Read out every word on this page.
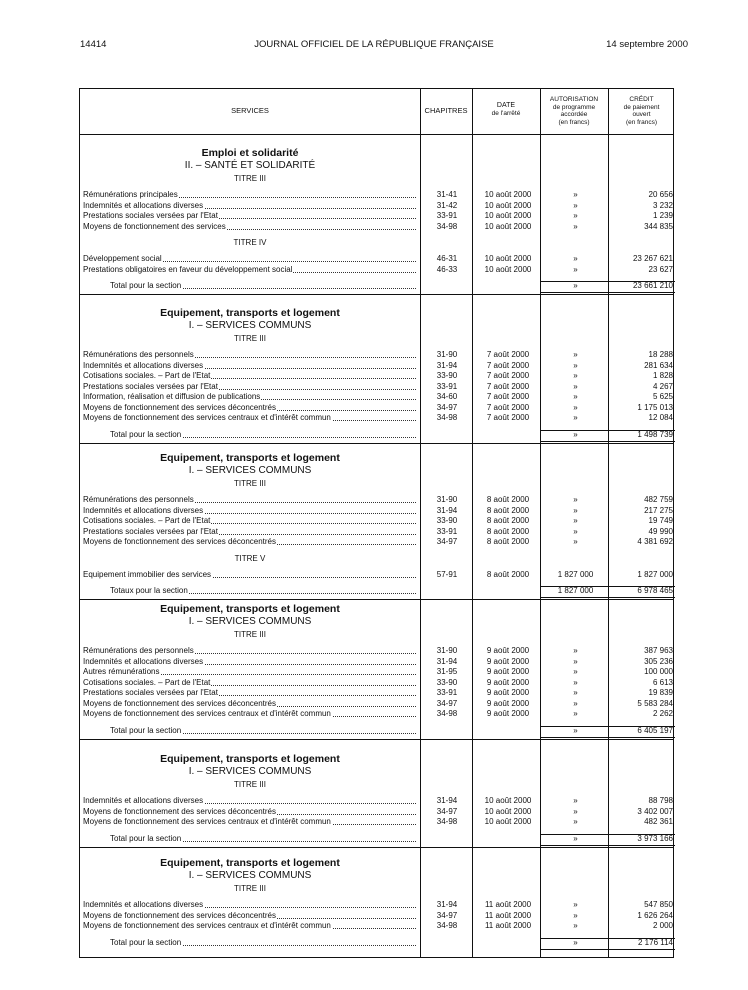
14414	JOURNAL OFFICIEL DE LA RÉPUBLIQUE FRANÇAISE	14 septembre 2000
SERVICES	CHAPITRES
DATE
de l'arrêté
AUTORISATION
de programme
accordée
(en francs)
CRÉDIT
de paiement
ouvert
(en francs)
Emploi et solidarité
II. – SANTÉ ET SOLIDARITÉ
TITRE III
Rémunérations principales	31-41	10 août 2000	»	20 656
Indemnités et allocations diverses	31-42	10 août 2000	»	3 232
Prestations sociales versées par l'Etat	33-91	10 août 2000	»	1 239
Moyens de fonctionnement des services	34-98	10 août 2000	»	344 835
TITRE IV
Développement social	46-31	10 août 2000	»	23 267 621
Prestations obligatoires en faveur du développement social	46-33	10 août 2000	»	23 627
Total pour la section	»	23 661 210
Equipement, transports et logement
I. – SERVICES COMMUNS
TITRE III
Rémunérations des personnels	31-90	7 août 2000	»	18 288
Indemnités et allocations diverses	31-94	7 août 2000	»	281 634
Cotisations sociales. – Part de l'Etat	33-90	7 août 2000	»	1 828
Prestations sociales versées par l'Etat	33-91	7 août 2000	»	4 267
Information, réalisation et diffusion de publications	34-60	7 août 2000	»	5 625
Moyens de fonctionnement des services déconcentrés	34-97	7 août 2000	»	1 175 013
Moyens de fonctionnement des services centraux et d'intérêt commun	34-98	7 août 2000	»	12 084
Total pour la section	»	1 498 739
Equipement, transports et logement
I. – SERVICES COMMUNS
TITRE III
Rémunérations des personnels	31-90	8 août 2000	»	482 759
Indemnités et allocations diverses	31-94	8 août 2000	»	217 275
Cotisations sociales. – Part de l'Etat	33-90	8 août 2000	»	19 749
Prestations sociales versées par l'Etat	33-91	8 août 2000	»	49 990
Moyens de fonctionnement des services déconcentrés	34-97	8 août 2000	»	4 381 692
TITRE V
Equipement immobilier des services	57-91	8 août 2000	1 827 000	1 827 000
Totaux pour la section	1 827 000	6 978 465
Equipement, transports et logement
I. – SERVICES COMMUNS
TITRE III
Rémunérations des personnels	31-90	9 août 2000	»	387 963
Indemnités et allocations diverses	31-94	9 août 2000	»	305 236
Autres rémunérations	31-95	9 août 2000	»	100 000
Cotisations sociales. – Part de l'Etat	33-90	9 août 2000	»	6 613
Prestations sociales versées par l'Etat	33-91	9 août 2000	»	19 839
Moyens de fonctionnement des services déconcentrés	34-97	9 août 2000	»	5 583 284
Moyens de fonctionnement des services centraux et d'intérêt commun	34-98	9 août 2000	»	2 262
Total pour la section	»	6 405 197
Equipement, transports et logement
I. – SERVICES COMMUNS
TITRE III
Indemnités et allocations diverses	31-94	10 août 2000	»	88 798
Moyens de fonctionnement des services déconcentrés	34-97	10 août 2000	»	3 402 007
Moyens de fonctionnement des services centraux et d'intérêt commun	34-98	10 août 2000	»	482 361
Total pour la section	»	3 973 166
Equipement, transports et logement
I. – SERVICES COMMUNS
TITRE III
Indemnités et allocations diverses	31-94	11 août 2000	»	547 850
Moyens de fonctionnement des services déconcentrés	34-97	11 août 2000	»	1 626 264
Moyens de fonctionnement des services centraux et d'intérêt commun	34-98	11 août 2000	»	2 000
Total pour la section	»	2 176 114
